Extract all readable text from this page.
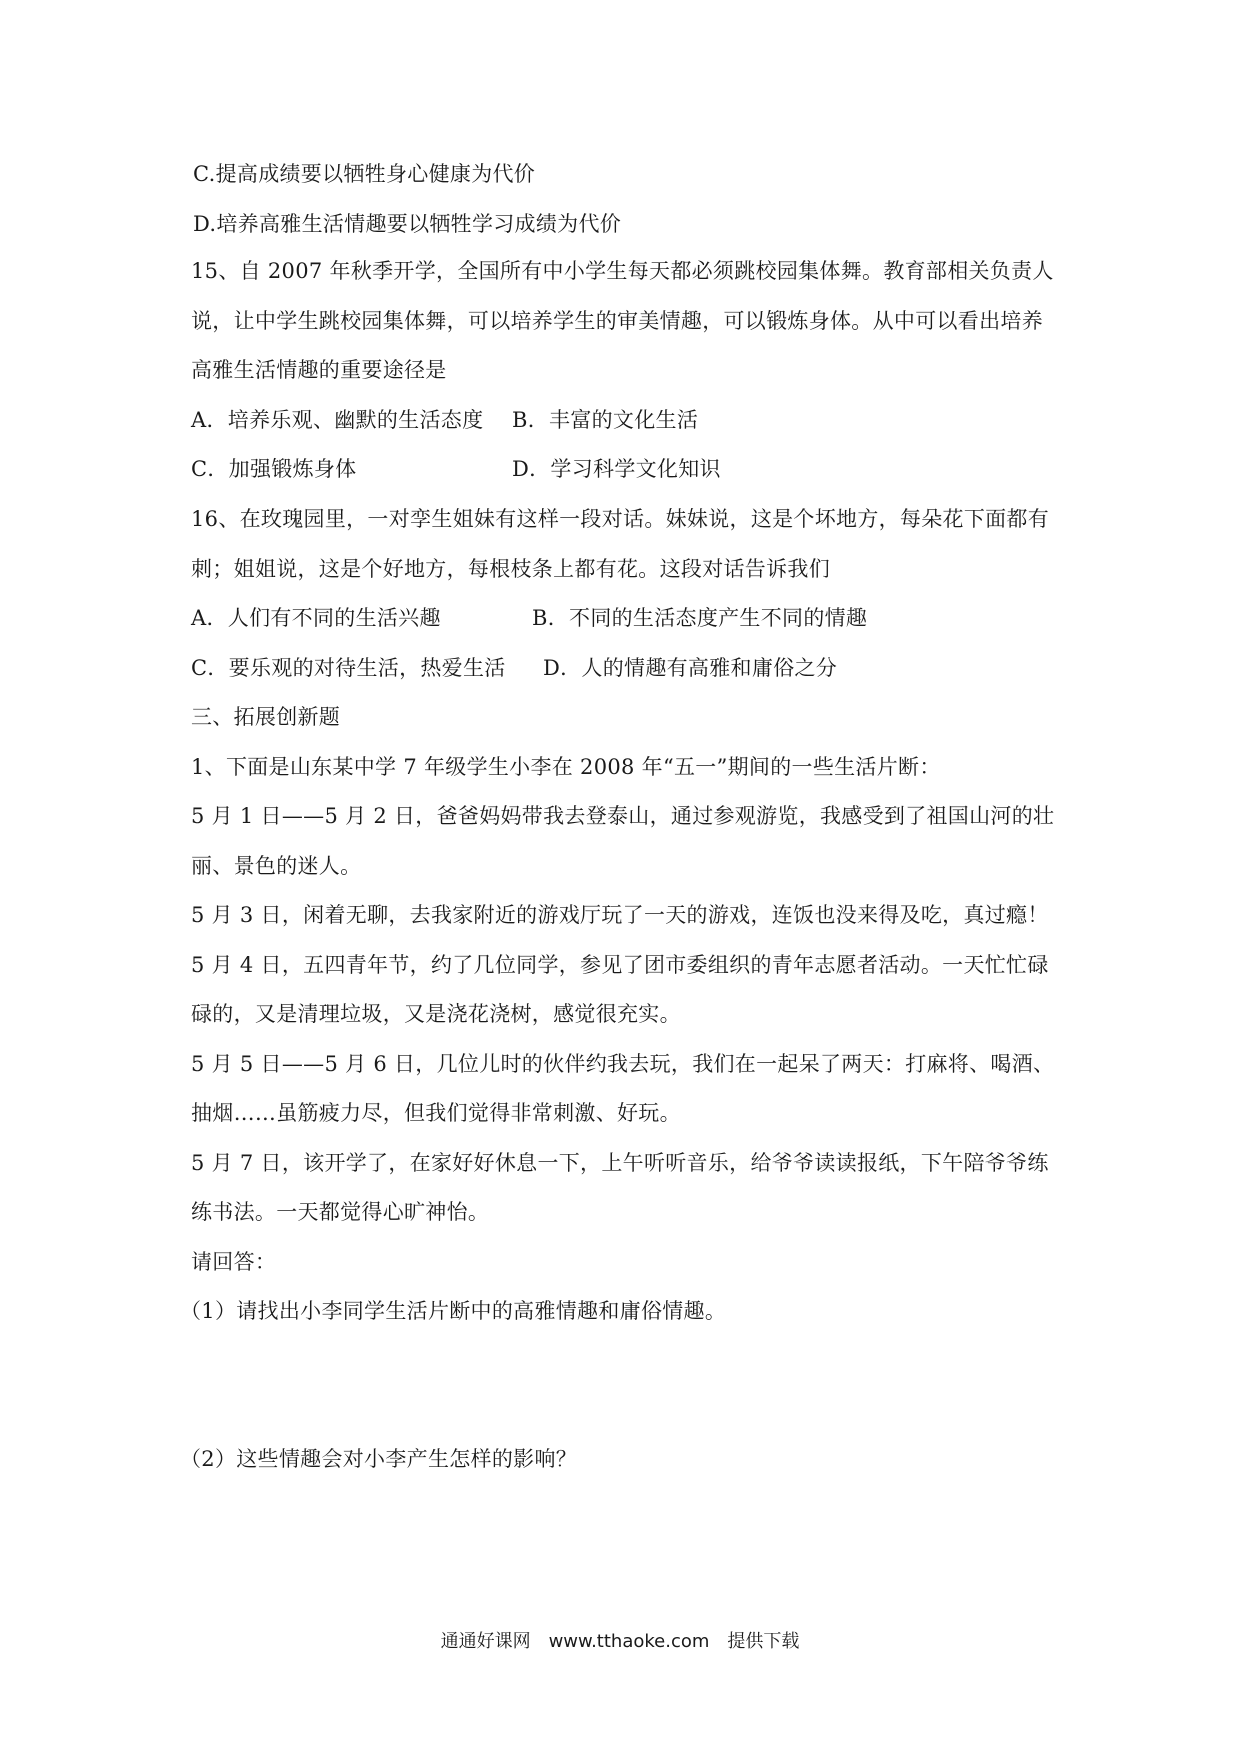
C.提高成绩要以牺牲身心健康为代价
D.培养高雅生活情趣要以牺牲学习成绩为代价
15、自 2007 年秋季开学，全国所有中小学生每天都必须跳校园集体舞。教育部相关负责人
说，让中学生跳校园集体舞，可以培养学生的审美情趣，可以锻炼身体。从中可以看出培养
高雅生活情趣的重要途径是
A．培养乐观、幽默的生活态度 B．丰富的文化生活
C．加强锻炼身体	D．学习科学文化知识
16、在玫瑰园里，一对孪生姐妹有这样一段对话。妹妹说，这是个坏地方，每朵花下面都有
刺；姐姐说，这是个好地方，每根枝条上都有花。这段对话告诉我们
A．人们有不同的生活兴趣	B．不同的生活态度产生不同的情趣
C．要乐观的对待生活，热爱生活 D．人的情趣有高雅和庸俗之分
三、拓展创新题
1、下面是山东某中学 7 年级学生小李在 2008 年“五一”期间的一些生活片断：
5 月 1 日——5 月 2 日，爸爸妈妈带我去登泰山，通过参观游览，我感受到了祖国山河的壮
丽、景色的迷人。
5 月 3 日，闲着无聊，去我家附近的游戏厅玩了一天的游戏，连饭也没来得及吃，真过瘾！
5 月 4 日，五四青年节，约了几位同学，参见了团市委组织的青年志愿者活动。一天忙忙碌
碌的，又是清理垃圾，又是浇花浇树，感觉很充实。
5 月 5 日——5 月 6 日，几位儿时的伙伴约我去玩，我们在一起呆了两天：打麻将、喝酒、
抽烟……虽筋疲力尽，但我们觉得非常刺激、好玩。
5 月 7 日，该开学了，在家好好休息一下，上午听听音乐，给爷爷读读报纸，下午陪爷爷练
练书法。一天都觉得心旷神怡。
请回答：
（1）请找出小李同学生活片断中的高雅情趣和庸俗情趣。
（2）这些情趣会对小李产生怎样的影响？
通通好课网　www.tthaoke.com　提供下载
